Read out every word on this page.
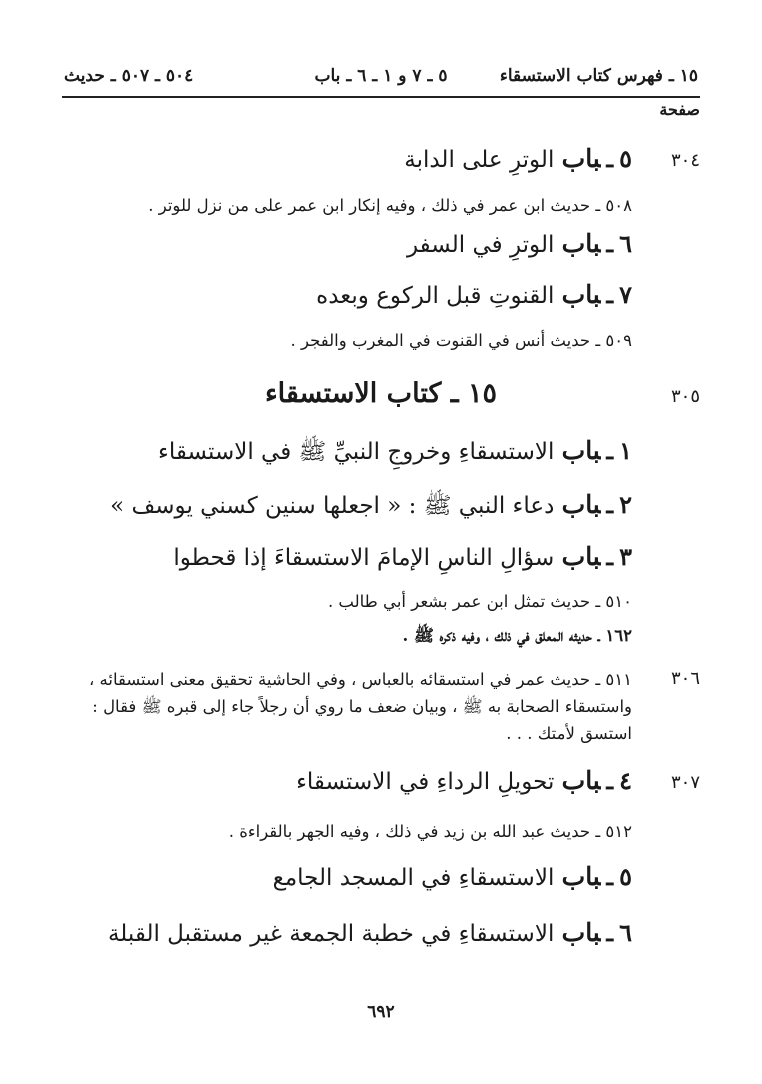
١٥ ـ فهرس كتاب الاستسقاء
٥ ـ ٧ و ١ ـ ٦ ـ باب
٥٠٤ ـ ٥٠٧ ـ حديث
صفحة
٣٠٤
٥ـباب الوترِ على الدابة
٥٠٨ ـ حديث ابن عمر في ذلك ، وفيه إنكار ابن عمر على من نزل للوتر .
٦ـباب الوترِ في السفر
٧ـباب القنوتِ قبل الركوع وبعده
٥٠٩ ـ حديث أنس في القنوت في المغرب والفجر .
٣٠٥
١٥ ـ كتاب الاستسقاء
١ـباب الاستسقاءِ وخروجِ النبيِّ ﷺ في الاستسقاء
٢ـباب دعاء النبي ﷺ : « اجعلها سنين كسني يوسف »
٣ـباب سؤالِ الناسِ الإمامَ الاستسقاءَ إذا قحطوا
٥١٠ ـ حديث تمثل ابن عمر بشعر أبي طالب .
١٦٢ ـ حديثه المعلق في ذلك ، وفيه ذكره ﷺ .
٣٠٦
٥١١ ـ حديث عمر في استسقائه بالعباس ، وفي الحاشية تحقيق معنى استسقائه ، واستسقاء الصحابة به ﷺ ، وبيان ضعف ما روي أن رجلاً جاء إلى قبره ﷺ فقال : استسق لأمتك . . .
٣٠٧
٤ـباب تحويلِ الرداءِ في الاستسقاء
٥١٢ ـ حديث عبد الله بن زيد في ذلك ، وفيه الجهر بالقراءة .
٥ـباب الاستسقاءِ في المسجد الجامع
٦ـباب الاستسقاءِ في خطبة الجمعة غير مستقبل القبلة
٦٩٢
